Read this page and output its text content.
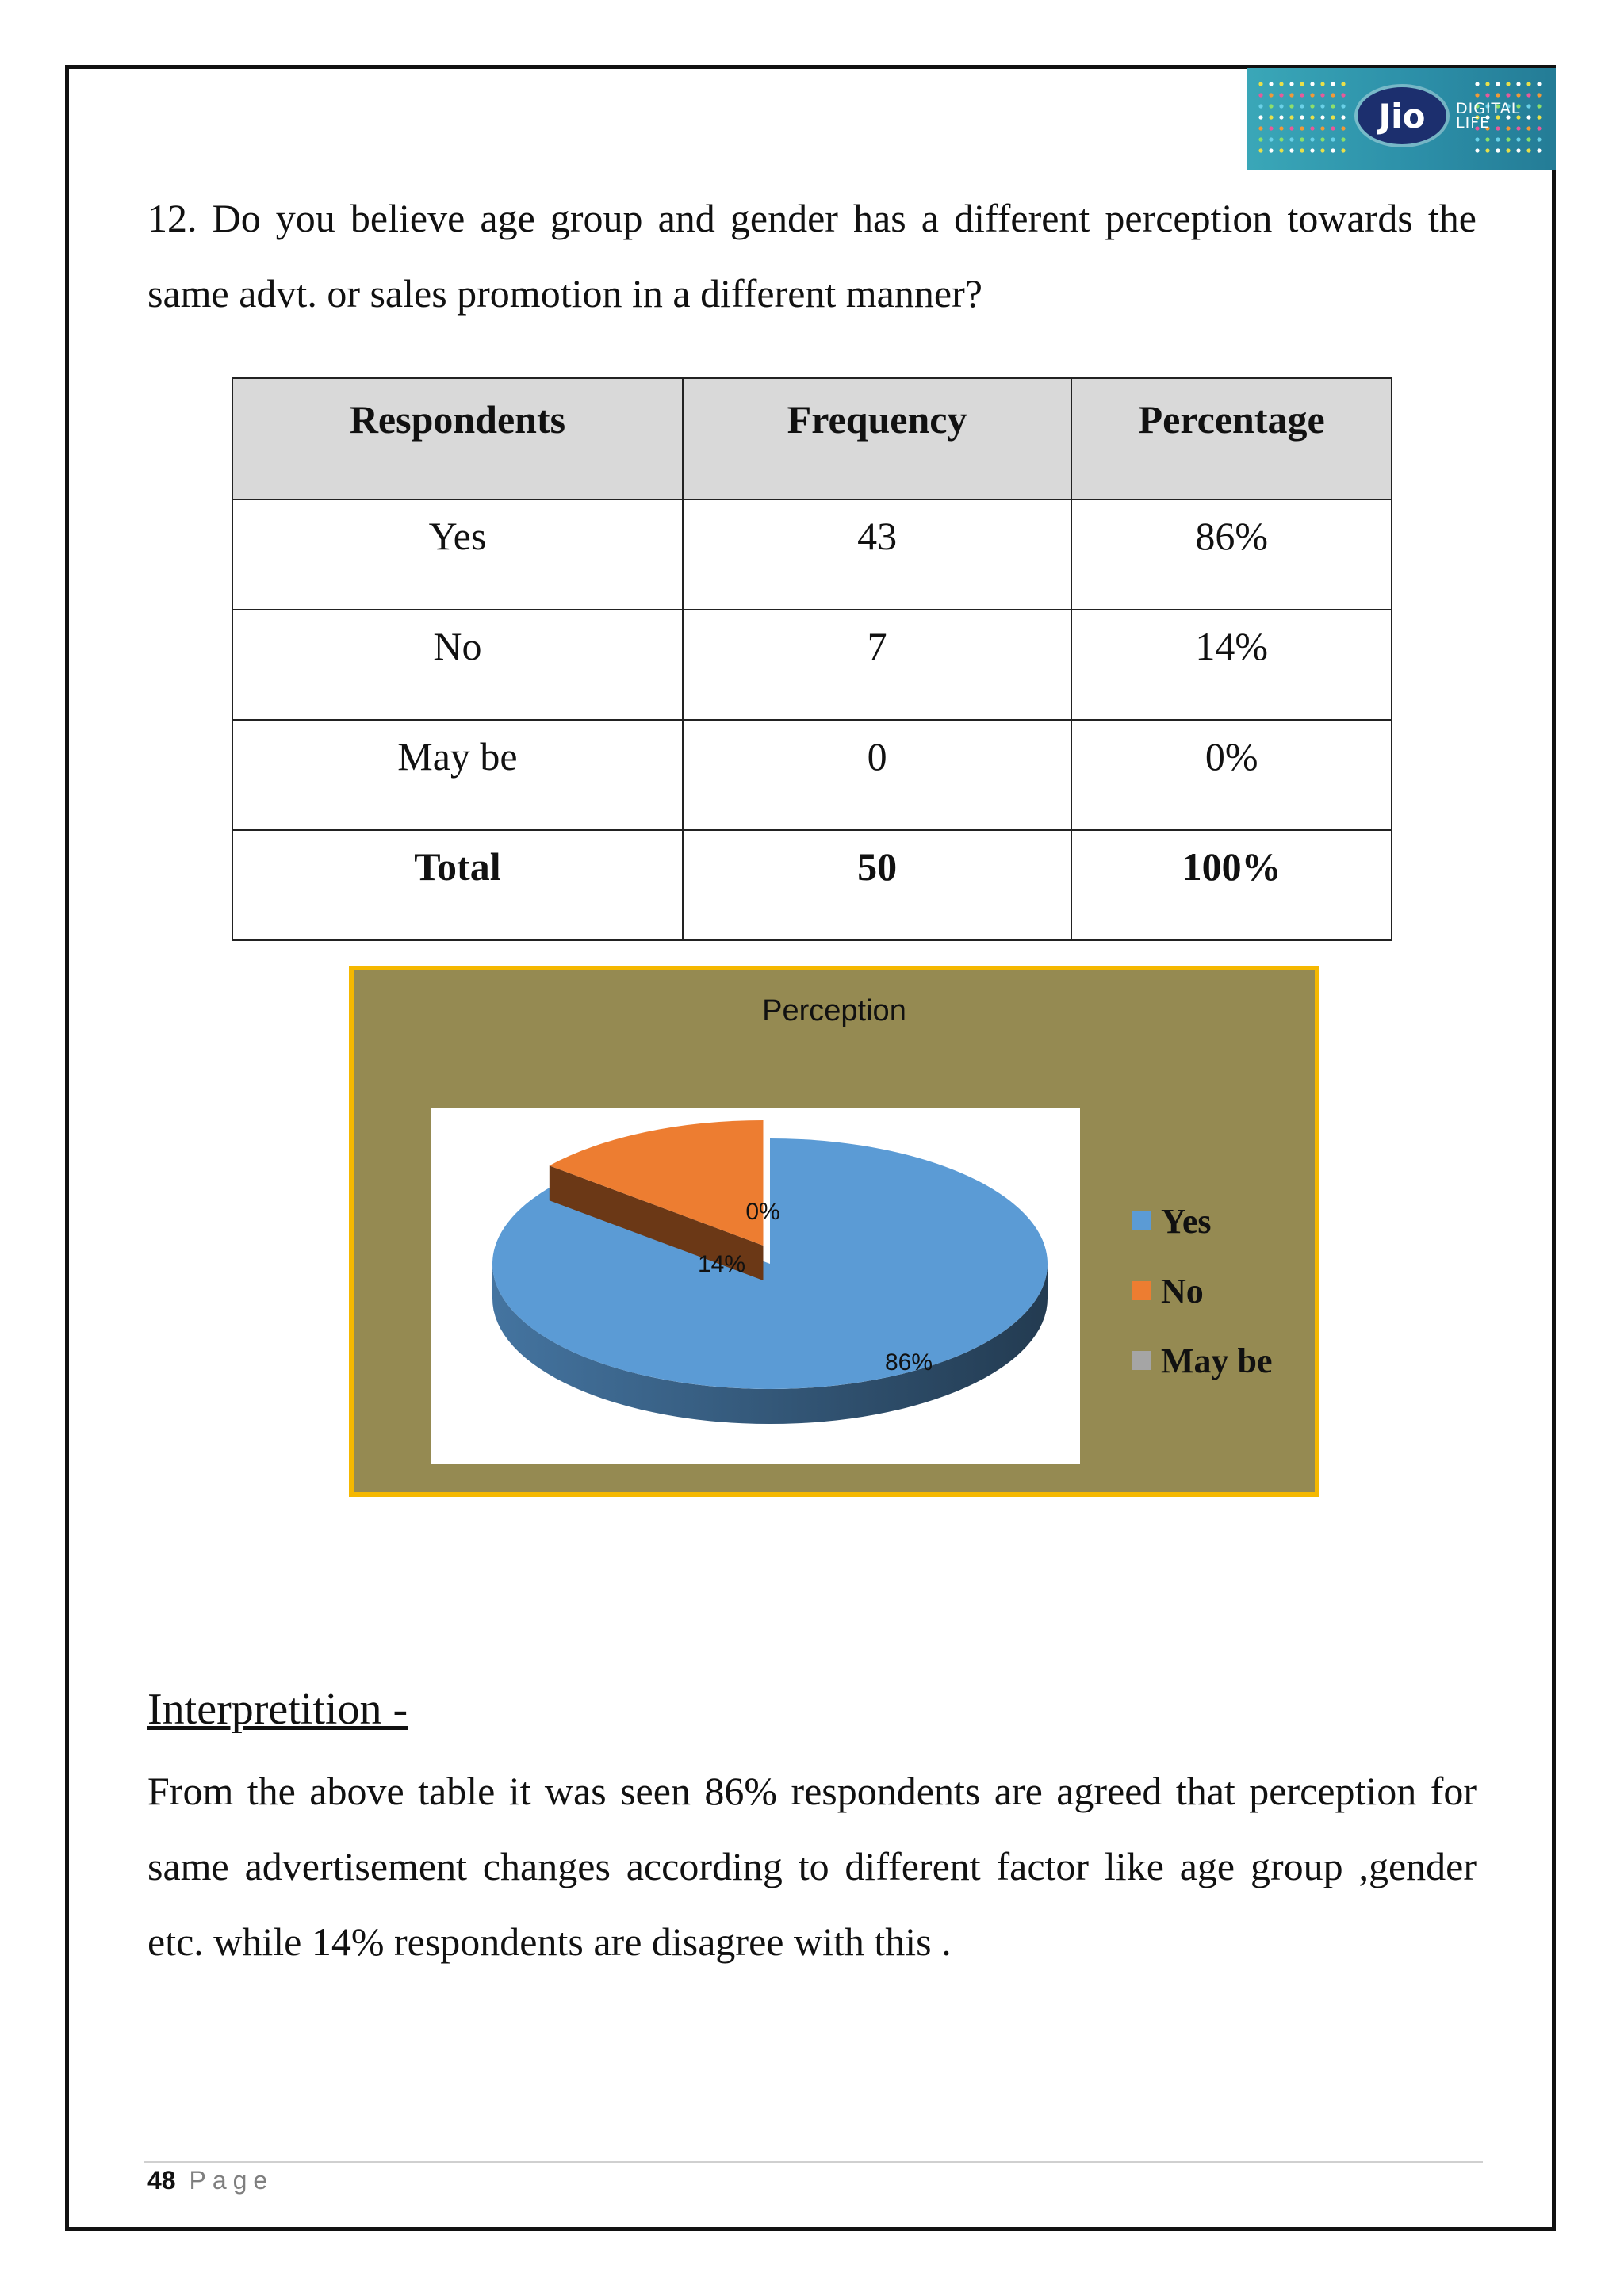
Jio	DIGITAL
LIFE
12. Do you believe age group and gender has a different perception towards the same advt. or sales promotion in a different manner?
Respondents	Frequency	Percentage
Yes	43	86%
No	7	14%
May be	0	0%
Total	50	100%
Perception
86%
14%
0%	Yes
No
May be
Interpretition -
From the above table it was seen 86% respondents are agreed that perception for same advertisement changes according to different factor like age group ,gender etc. while 14% respondents are disagree with this .
48 Page
